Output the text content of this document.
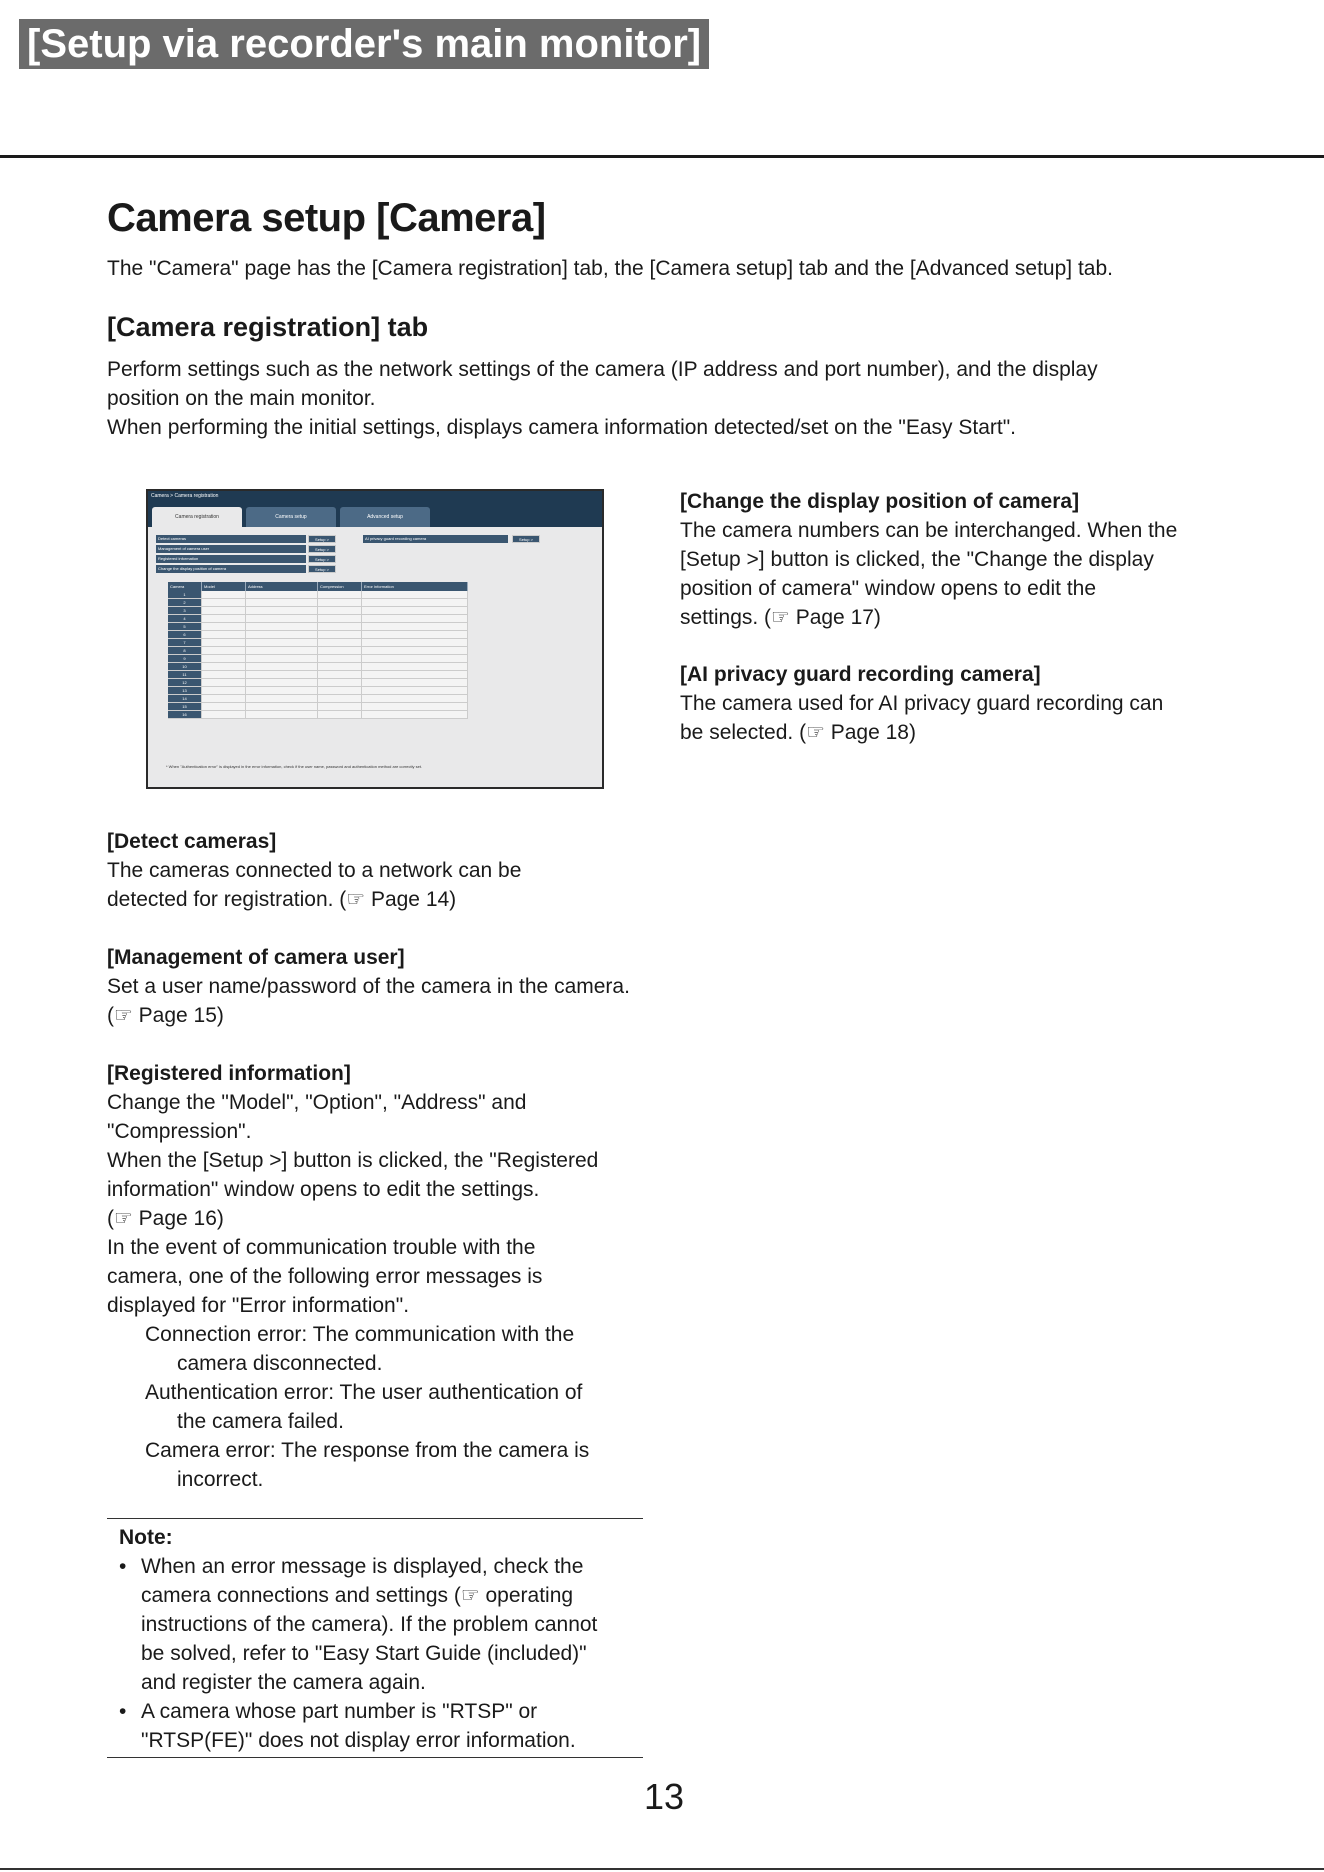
[Setup via recorder's main monitor]
Camera setup [Camera]
The "Camera" page has the [Camera registration] tab, the [Camera setup] tab and the [Advanced setup] tab.
[Camera registration] tab
Perform settings such as the network settings of the camera (IP address and port number), and the display
position on the main monitor.
When performing the initial settings, displays camera information detected/set on the "Easy Start".
Camera > Camera registration
Camera registration	Camera setup	Advanced setup
Detect cameras	Setup >
Management of camera user	Setup >
Registered information	Setup >
Change the display position of camera	Setup >
AI privacy guard recording camera	Setup >
Camera	Model	Address	Compression	Error information
1
2
3
4
5
6
7
8
9
10
11
12
13
14
15
16
* When "Authentication error" is displayed in the error information, check if the user name, password and authentication method are correctly set.
[Change the display position of camera]
The camera numbers can be interchanged. When the
[Setup >] button is clicked, the "Change the display
position of camera" window opens to edit the
settings. (☞ Page 17)
[AI privacy guard recording camera]
The camera used for AI privacy guard recording can
be selected. (☞ Page 18)
[Detect cameras]
The cameras connected to a network can be
detected for registration. (☞ Page 14)
[Management of camera user]
Set a user name/password of the camera in the camera.
(☞ Page 15)
[Registered information]
Change the "Model", "Option", "Address" and
"Compression".
When the [Setup >] button is clicked, the "Registered
information" window opens to edit the settings.
(☞ Page 16)
In the event of communication trouble with the
camera, one of the following error messages is
displayed for "Error information".
Connection error: The communication with the
camera disconnected.
Authentication error: The user authentication of
the camera failed.
Camera error: The response from the camera is
incorrect.
Note:
• When an error message is displayed, check the
camera connections and settings (☞ operating
instructions of the camera). If the problem cannot
be solved, refer to "Easy Start Guide (included)"
and register the camera again.
• A camera whose part number is "RTSP" or
"RTSP(FE)" does not display error information.
13
